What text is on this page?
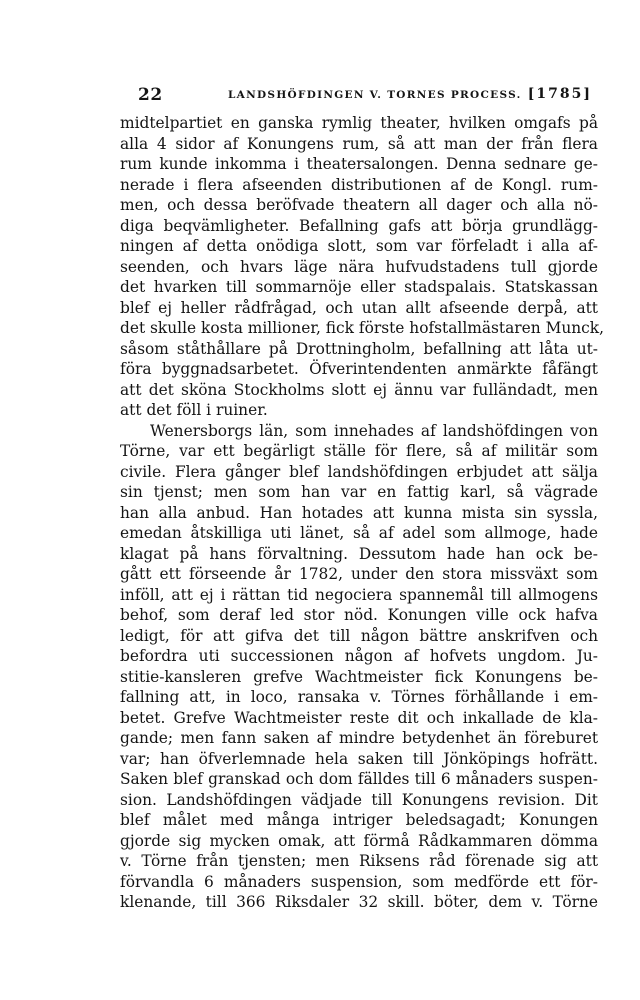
22	LANDSHÖFDINGEN V. TORNES PROCESS. [1785]
midtelpartiet en ganska rymlig theater, hvilken omgafs på
alla 4 sidor af Konungens rum, så att man der från flera
rum kunde inkomma i theatersalongen. Denna sednare ge-
nerade i flera afseenden distributionen af de Kongl. rum-
men, och dessa beröfvade theatern all dager och alla nö-
diga beqvämligheter. Befallning gafs att börja grundlägg-
ningen af detta onödiga slott, som var förfeladt i alla af-
seenden, och hvars läge nära hufvudstadens tull gjorde
det hvarken till sommarnöje eller stadspalais. Statskassan
blef ej heller rådfrågad, och utan allt afseende derpå, att
det skulle kosta millioner, fick förste hofstallmästaren Munck,
såsom ståthållare på Drottningholm, befallning att låta ut-
föra byggnadsarbetet. Öfverintendenten anmärkte fåfängt
att det sköna Stockholms slott ej ännu var fulländadt, men
att det föll i ruiner.
Wenersborgs län, som innehades af landshöfdingen von
Törne, var ett begärligt ställe för flere, så af militär som
civile. Flera gånger blef landshöfdingen erbjudet att sälja
sin tjenst; men som han var en fattig karl, så vägrade
han alla anbud. Han hotades att kunna mista sin syssla,
emedan åtskilliga uti länet, så af adel som allmoge, hade
klagat på hans förvaltning. Dessutom hade han ock be-
gått ett förseende år 1782, under den stora missväxt som
inföll, att ej i rättan tid negociera spannemål till allmogens
behof, som deraf led stor nöd. Konungen ville ock hafva
ledigt, för att gifva det till någon bättre anskrifven och
befordra uti successionen någon af hofvets ungdom. Ju-
stitie-kansleren grefve Wachtmeister fick Konungens be-
fallning att, in loco, ransaka v. Törnes förhållande i em-
betet. Grefve Wachtmeister reste dit och inkallade de kla-
gande; men fann saken af mindre betydenhet än föreburet
var; han öfverlemnade hela saken till Jönköpings hofrätt.
Saken blef granskad och dom fälldes till 6 månaders suspen-
sion. Landshöfdingen vädjade till Konungens revision. Dit
blef målet med många intriger beledsagadt; Konungen
gjorde sig mycken omak, att förmå Rådkammaren dömma
v. Törne från tjensten; men Riksens råd förenade sig att
förvandla 6 månaders suspension, som medförde ett för-
klenande, till 366 Riksdaler 32 skill. böter, dem v. Törne
